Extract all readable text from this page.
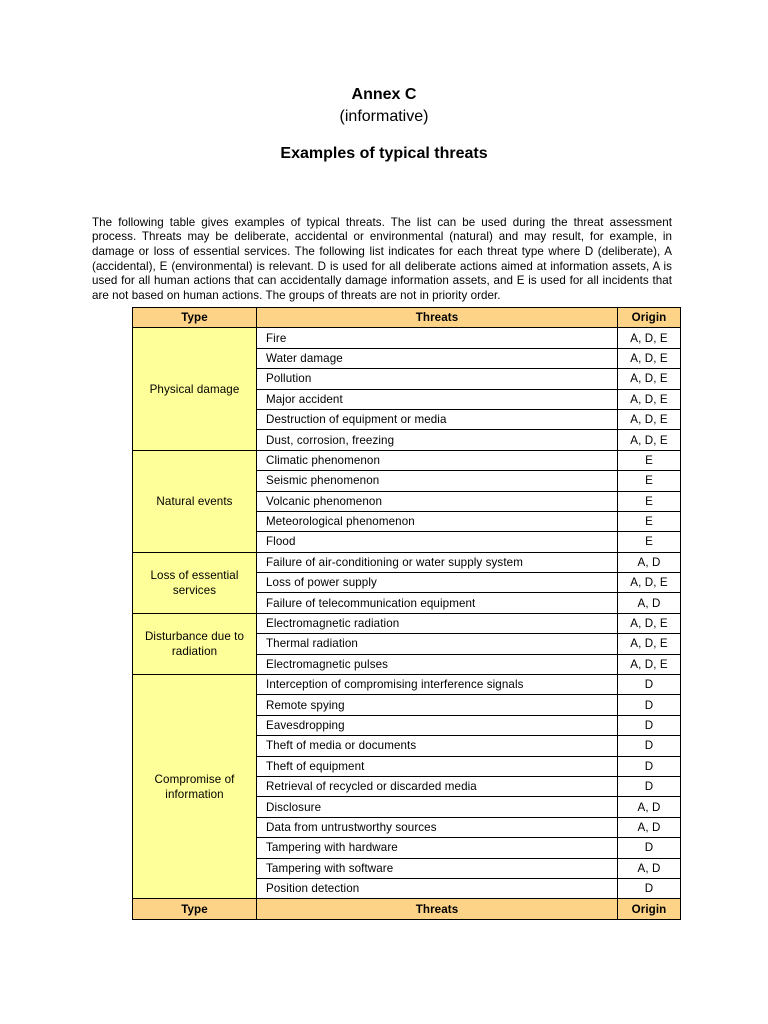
Annex C
(informative)
Examples of typical threats

The following table gives examples of typical threats. The list can be used during the threat assessment process. Threats may be deliberate, accidental or environmental (natural) and may result, for example, in damage or loss of essential services. The following list indicates for each threat type where D (deliberate), A (accidental), E (environmental) is relevant. D is used for all deliberate actions aimed at information assets, A is used for all human actions that can accidentally damage information assets, and E is used for all incidents that are not based on human actions. The groups of threats are not in priority order.

Type	Threats	Origin
Physical damage	Fire	A, D, E
	Water damage	A, D, E
	Pollution	A, D, E
	Major accident	A, D, E
	Destruction of equipment or media	A, D, E
	Dust, corrosion, freezing	A, D, E
Natural events	Climatic phenomenon	E
	Seismic phenomenon	E
	Volcanic phenomenon	E
	Meteorological phenomenon	E
	Flood	E
Loss of essential services	Failure of air-conditioning or water supply system	A, D
	Loss of power supply	A, D, E
	Failure of telecommunication equipment	A, D
Disturbance due to radiation	Electromagnetic radiation	A, D, E
	Thermal radiation	A, D, E
	Electromagnetic pulses	A, D, E
Compromise of information	Interception of compromising interference signals	D
	Remote spying	D
	Eavesdropping	D
	Theft of media or documents	D
	Theft of equipment	D
	Retrieval of recycled or discarded media	D
	Disclosure	A, D
	Data from untrustworthy sources	A, D
	Tampering with hardware	D
	Tampering with software	A, D
	Position detection	D
Type	Threats	Origin
